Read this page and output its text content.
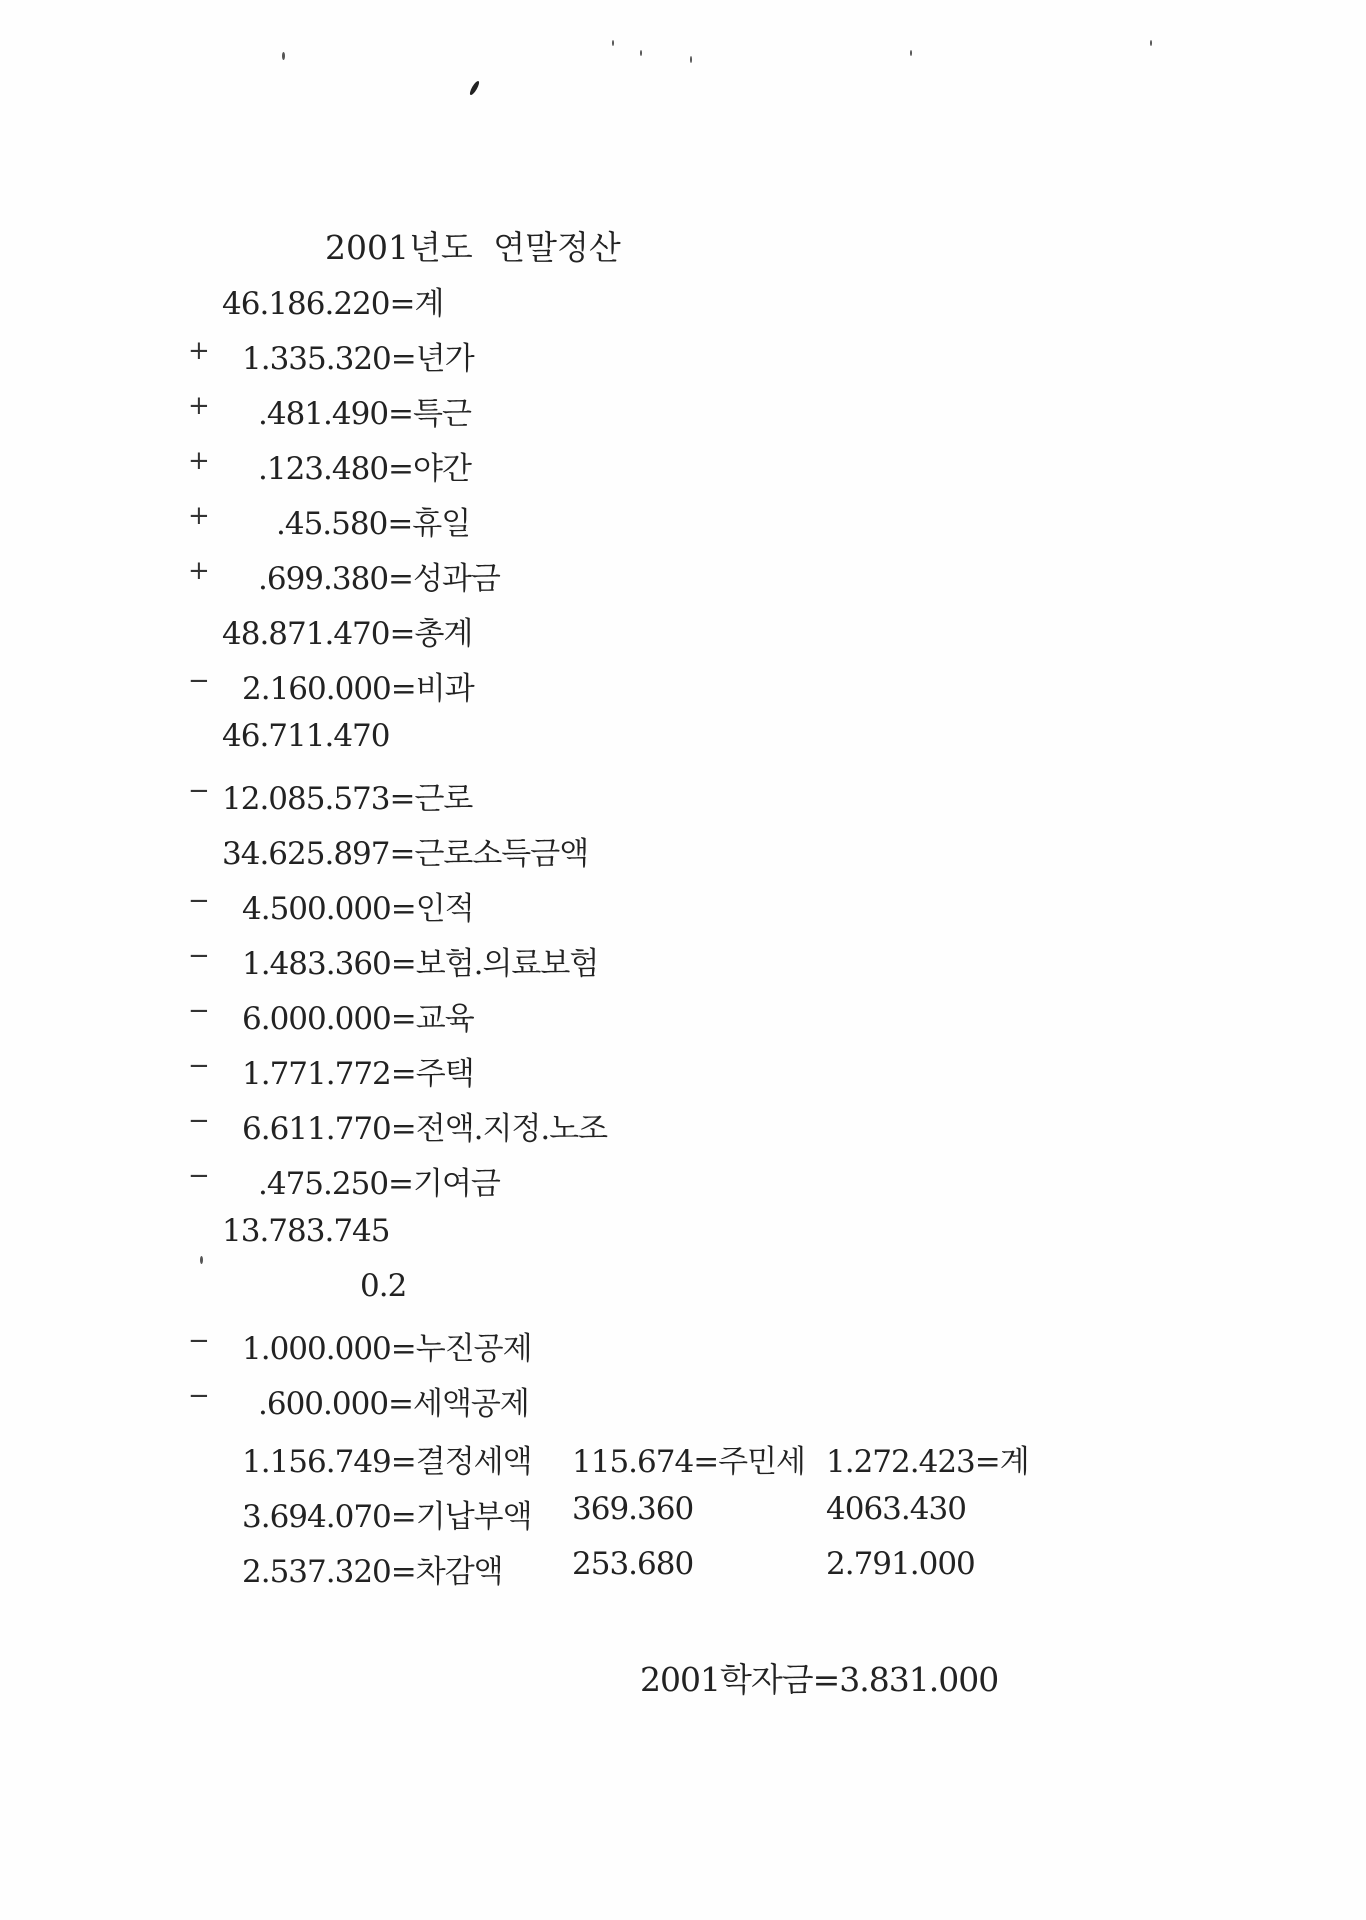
2001년도 연말정산
46.186.220=계
+ 1.335.320=년가
+ .481.490=특근
+ .123.480=야간
+ .45.580=휴일
+ .699.380=성과금
48.871.470=총계
− 2.160.000=비과
46.711.470
− 12.085.573=근로
34.625.897=근로소득금액
− 4.500.000=인적
− 1.483.360=보험.의료보험
− 6.000.000=교육
− 1.771.772=주택
− 6.611.770=전액.지정.노조
− .475.250=기여금
13.783.745
0.2
− 1.000.000=누진공제
− .600.000=세액공제
1.156.749=결정세액 115.674=주민세 1.272.423=계
3.694.070=기납부액 369.360	4063.430
2.537.320=차감액 253.680	2.791.000
2001학자금=3.831.000
